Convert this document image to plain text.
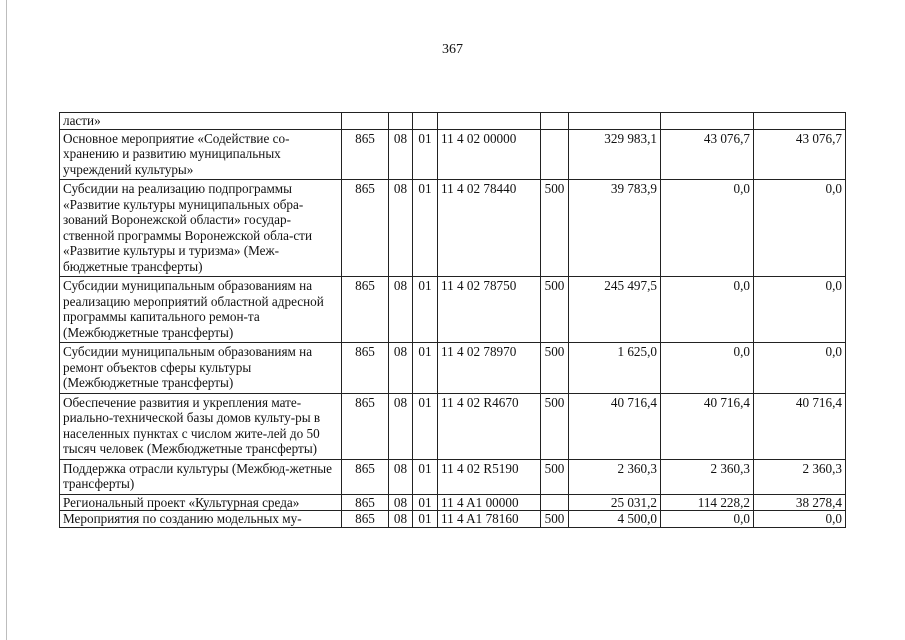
367
ласти»								
Основное мероприятие «Содействие со-хранению и развитию муниципальных учреждений культуры»	865	08	01	11 4 02 00000		329 983,1	43 076,7	43 076,7
Субсидии на реализацию подпрограммы «Развитие культуры муниципальных обра-зований Воронежской области» государ-ственной программы Воронежской обла-сти «Развитие культуры и туризма» (Меж-бюджетные трансферты)	865	08	01	11 4 02 78440	500	39 783,9	0,0	0,0
Субсидии муниципальным образованиям на реализацию мероприятий областной адресной программы капитального ремон-та (Межбюджетные трансферты)	865	08	01	11 4 02 78750	500	245 497,5	0,0	0,0
Субсидии муниципальным образованиям на ремонт объектов сферы культуры (Межбюджетные трансферты)	865	08	01	11 4 02 78970	500	1 625,0	0,0	0,0
Обеспечение развития и укрепления мате-риально-технической базы домов культу-ры в населенных пунктах с числом жите-лей до 50 тысяч человек (Межбюджетные трансферты)	865	08	01	11 4 02 R4670	500	40 716,4	40 716,4	40 716,4
Поддержка отрасли культуры (Межбюд-жетные трансферты)	865	08	01	11 4 02 R5190	500	2 360,3	2 360,3	2 360,3
Региональный проект «Культурная среда»	865	08	01	11 4 A1 00000		25 031,2	114 228,2	38 278,4
Мероприятия по созданию модельных му-	865	08	01	11 4 A1 78160	500	4 500,0	0,0	0,0
